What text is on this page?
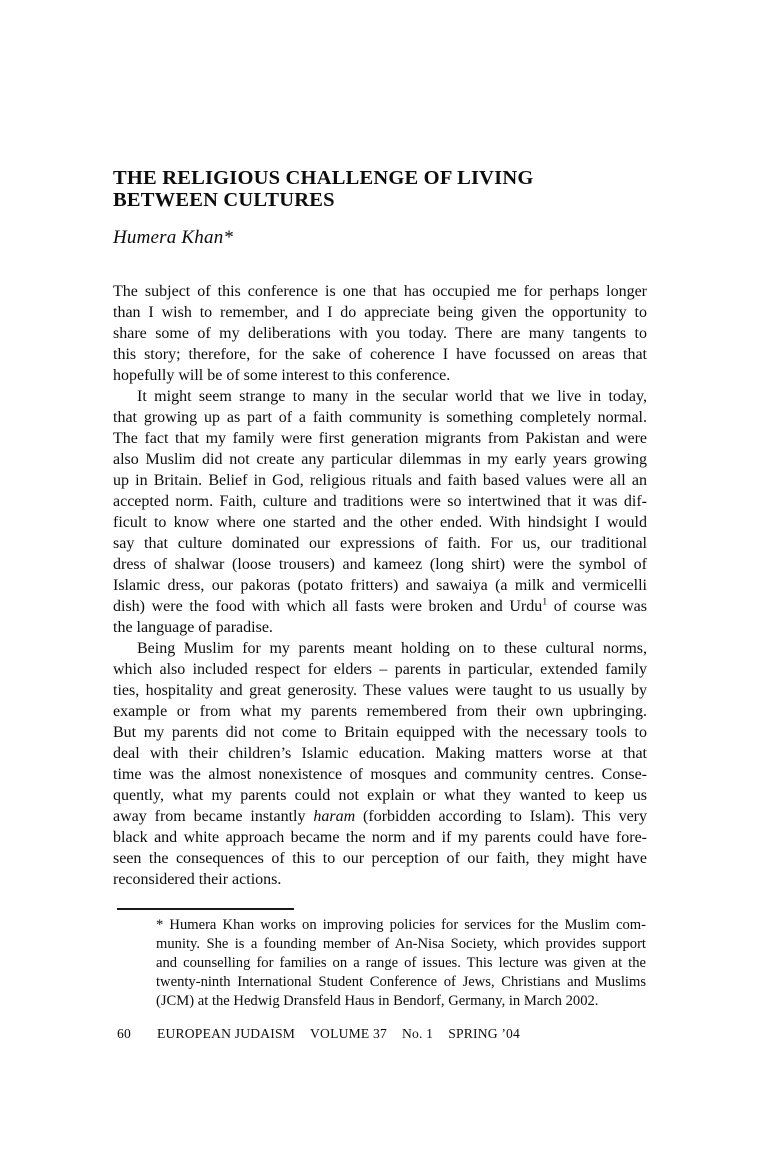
THE RELIGIOUS CHALLENGE OF LIVING
BETWEEN CULTURES
Humera Khan*
The subject of this conference is one that has occupied me for perhaps longer
than I wish to remember, and I do appreciate being given the opportunity to
share some of my deliberations with you today. There are many tangents to
this story; therefore, for the sake of coherence I have focussed on areas that
hopefully will be of some interest to this conference.
It might seem strange to many in the secular world that we live in today,
that growing up as part of a faith community is something completely normal.
The fact that my family were first generation migrants from Pakistan and were
also Muslim did not create any particular dilemmas in my early years growing
up in Britain. Belief in God, religious rituals and faith based values were all an
accepted norm. Faith, culture and traditions were so intertwined that it was dif-
ficult to know where one started and the other ended. With hindsight I would
say that culture dominated our expressions of faith. For us, our traditional
dress of shalwar (loose trousers) and kameez (long shirt) were the symbol of
Islamic dress, our pakoras (potato fritters) and sawaiya (a milk and vermicelli
dish) were the food with which all fasts were broken and Urdu$^1$ of course was
the language of paradise.
Being Muslim for my parents meant holding on to these cultural norms,
which also included respect for elders – parents in particular, extended family
ties, hospitality and great generosity. These values were taught to us usually by
example or from what my parents remembered from their own upbringing.
But my parents did not come to Britain equipped with the necessary tools to
deal with their children’s Islamic education. Making matters worse at that
time was the almost nonexistence of mosques and community centres. Conse-
quently, what my parents could not explain or what they wanted to keep us
away from became instantly haram (forbidden according to Islam). This very
black and white approach became the norm and if my parents could have fore-
seen the consequences of this to our perception of our faith, they might have
reconsidered their actions.
* Humera Khan works on improving policies for services for the Muslim com-
munity. She is a founding member of An-Nisa Society, which provides support
and counselling for families on a range of issues. This lecture was given at the
twenty-ninth International Student Conference of Jews, Christians and Muslims
(JCM) at the Hedwig Dransfeld Haus in Bendorf, Germany, in March 2002.
60 EUROPEAN JUDAISM VOLUME 37 No. 1 SPRING ’04
